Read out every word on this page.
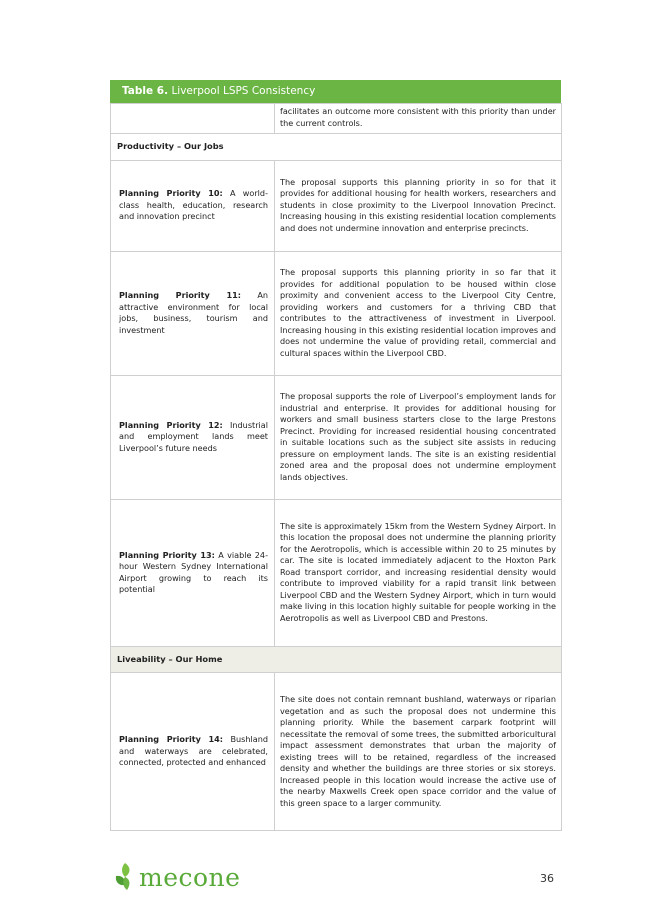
Table 6. Liverpool LSPS Consistency
	facilitates an outcome more consistent with this priority than under the current controls.
Productivity – Our Jobs	
Planning Priority 10: A world-class health, education, research and innovation precinct	The proposal supports this planning priority in so for that it provides for additional housing for health workers, researchers and students in close proximity to the Liverpool Innovation Precinct. Increasing housing in this existing residential location complements and does not undermine innovation and enterprise precincts.
Planning Priority 11: An attractive environment for local jobs, business, tourism and investment	The proposal supports this planning priority in so far that it provides for additional population to be housed within close proximity and convenient access to the Liverpool City Centre, providing workers and customers for a thriving CBD that contributes to the attractiveness of investment in Liverpool. Increasing housing in this existing residential location improves and does not undermine the value of providing retail, commercial and cultural spaces within the Liverpool CBD.
Planning Priority 12: Industrial and employment lands meet Liverpool’s future needs	The proposal supports the role of Liverpool’s employment lands for industrial and enterprise. It provides for additional housing for workers and small business starters close to the large Prestons Precinct. Providing for increased residential housing concentrated in suitable locations such as the subject site assists in reducing pressure on employment lands. The site is an existing residential zoned area and the proposal does not undermine employment lands objectives.
Planning Priority 13: A viable 24-hour Western Sydney International Airport growing to reach its potential	The site is approximately 15km from the Western Sydney Airport. In this location the proposal does not undermine the planning priority for the Aerotropolis, which is accessible within 20 to 25 minutes by car. The site is located immediately adjacent to the Hoxton Park Road transport corridor, and increasing residential density would contribute to improved viability for a rapid transit link between Liverpool CBD and the Western Sydney Airport, which in turn would make living in this location highly suitable for people working in the Aerotropolis as well as Liverpool CBD and Prestons.
Liveability – Our Home	
Planning Priority 14: Bushland and waterways are celebrated, connected, protected and enhanced	The site does not contain remnant bushland, waterways or riparian vegetation and as such the proposal does not undermine this planning priority. While the basement carpark footprint will necessitate the removal of some trees, the submitted arboricultural impact assessment demonstrates that urban the majority of existing trees will to be retained, regardless of the increased density and whether the buildings are three stories or six storeys. Increased people in this location would increase the active use of the nearby Maxwells Creek open space corridor and the value of this green space to a larger community.
mecone	36
